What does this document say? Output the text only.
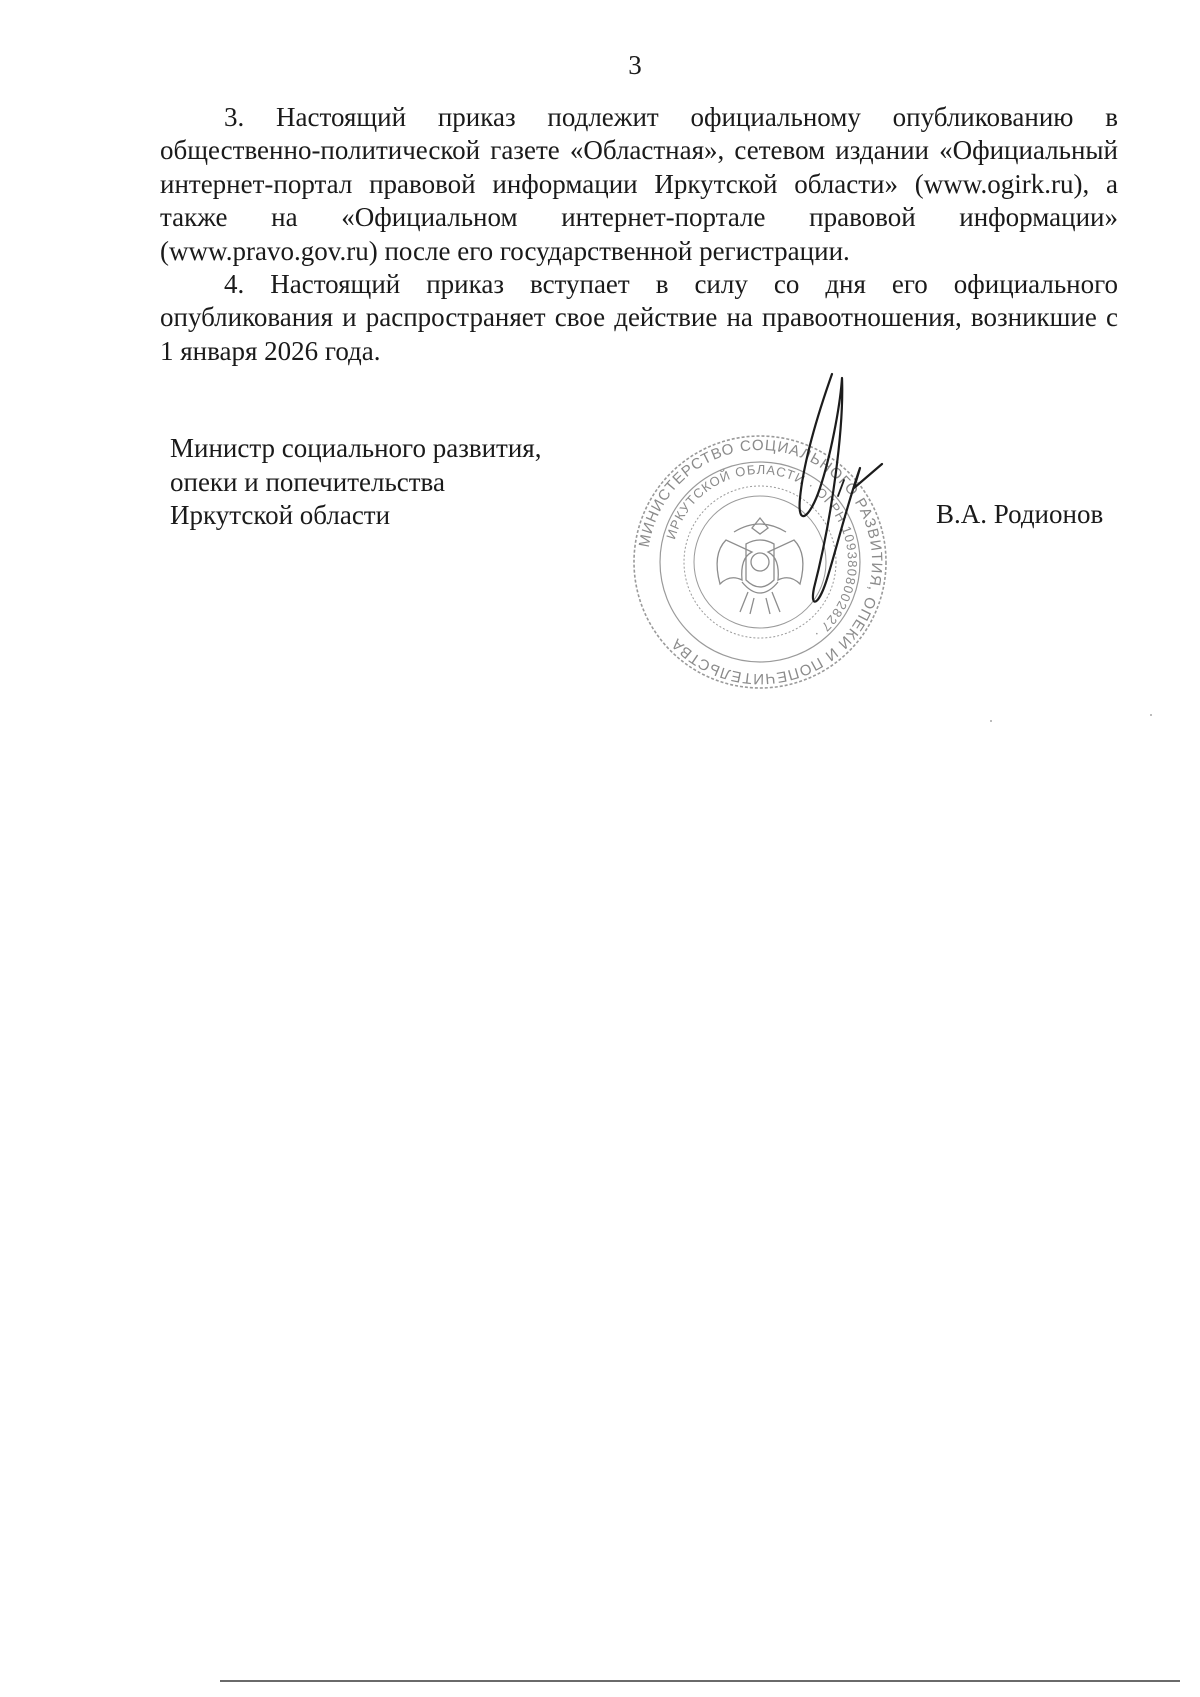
3

3. Настоящий приказ подлежит официальному опубликованию в общественно-политической газете «Областная», сетевом издании «Официальный интернет-портал правовой информации Иркутской области» (www.ogirk.ru), а также на «Официальном интернет-портале правовой информации» (www.pravo.gov.ru) после его государственной регистрации.

4. Настоящий приказ вступает в силу со дня его официального опубликования и распространяет свое действие на правоотношения, возникшие с 1 января 2026 года.

Министр социального развития,
опеки и попечительства
Иркутской области
МИНИСТЕРСТВО СОЦИАЛЬНОГО РАЗВИТИЯ, ОПЕКИ И ПОПЕЧИТЕЛЬСТВА
ИРКУТСКОЙ ОБЛАСТИ · ОГРН 1093808002827 ·
В.А. Родионов
